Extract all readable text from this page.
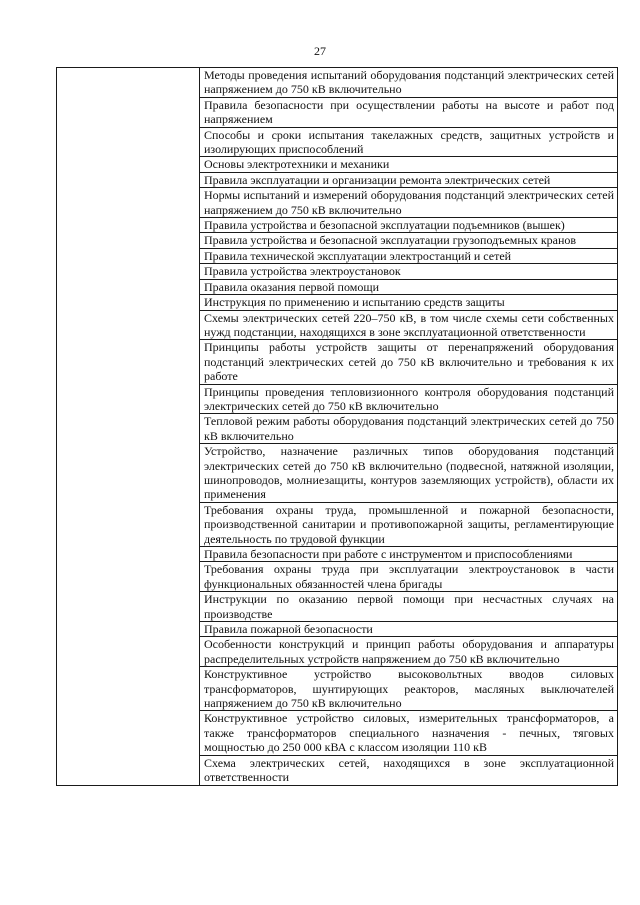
27
Методы проведения испытаний оборудования подстанций электрических сетей напряжением до 750 кВ включительно
Правила безопасности при осуществлении работы на высоте и работ под напряжением
Способы и сроки испытания такелажных средств, защитных устройств и изолирующих приспособлений
Основы электротехники и механики
Правила эксплуатации и организации ремонта электрических сетей
Нормы испытаний и измерений оборудования подстанций электрических сетей напряжением до 750 кВ включительно
Правила устройства и безопасной эксплуатации подъемников (вышек)
Правила устройства и безопасной эксплуатации грузоподъемных кранов
Правила технической эксплуатации электростанций и сетей
Правила устройства электроустановок
Правила оказания первой помощи
Инструкция по применению и испытанию средств защиты
Схемы электрических сетей 220–750 кВ, в том числе схемы сети собственных нужд подстанции, находящихся в зоне эксплуатационной ответственности
Принципы работы устройств защиты от перенапряжений оборудования подстанций электрических сетей до 750 кВ включительно и требования к их работе
Принципы проведения тепловизионного контроля оборудования подстанций электрических сетей до 750 кВ включительно
Тепловой режим работы оборудования подстанций электрических сетей до 750 кВ включительно
Устройство, назначение различных типов оборудования подстанций электрических сетей до 750 кВ включительно (подвесной, натяжной изоляции, шинопроводов, молниезащиты, контуров заземляющих устройств), области их применения
Требования охраны труда, промышленной и пожарной безопасности, производственной санитарии и противопожарной защиты, регламентирующие деятельность по трудовой функции
Правила безопасности при работе с инструментом и приспособлениями
Требования охраны труда при эксплуатации электроустановок в части функциональных обязанностей члена бригады
Инструкции по оказанию первой помощи при несчастных случаях на производстве
Правила пожарной безопасности
Особенности конструкций и принцип работы оборудования и аппаратуры распределительных устройств напряжением до 750 кВ включительно
Конструктивное устройство высоковольтных вводов силовых трансформаторов, шунтирующих реакторов, масляных выключателей напряжением до 750 кВ включительно
Конструктивное устройство силовых, измерительных трансформаторов, а также трансформаторов специального назначения - печных, тяговых мощностью до 250 000 кВА с классом изоляции 110 кВ
Схема электрических сетей, находящихся в зоне эксплуатационной ответственности
